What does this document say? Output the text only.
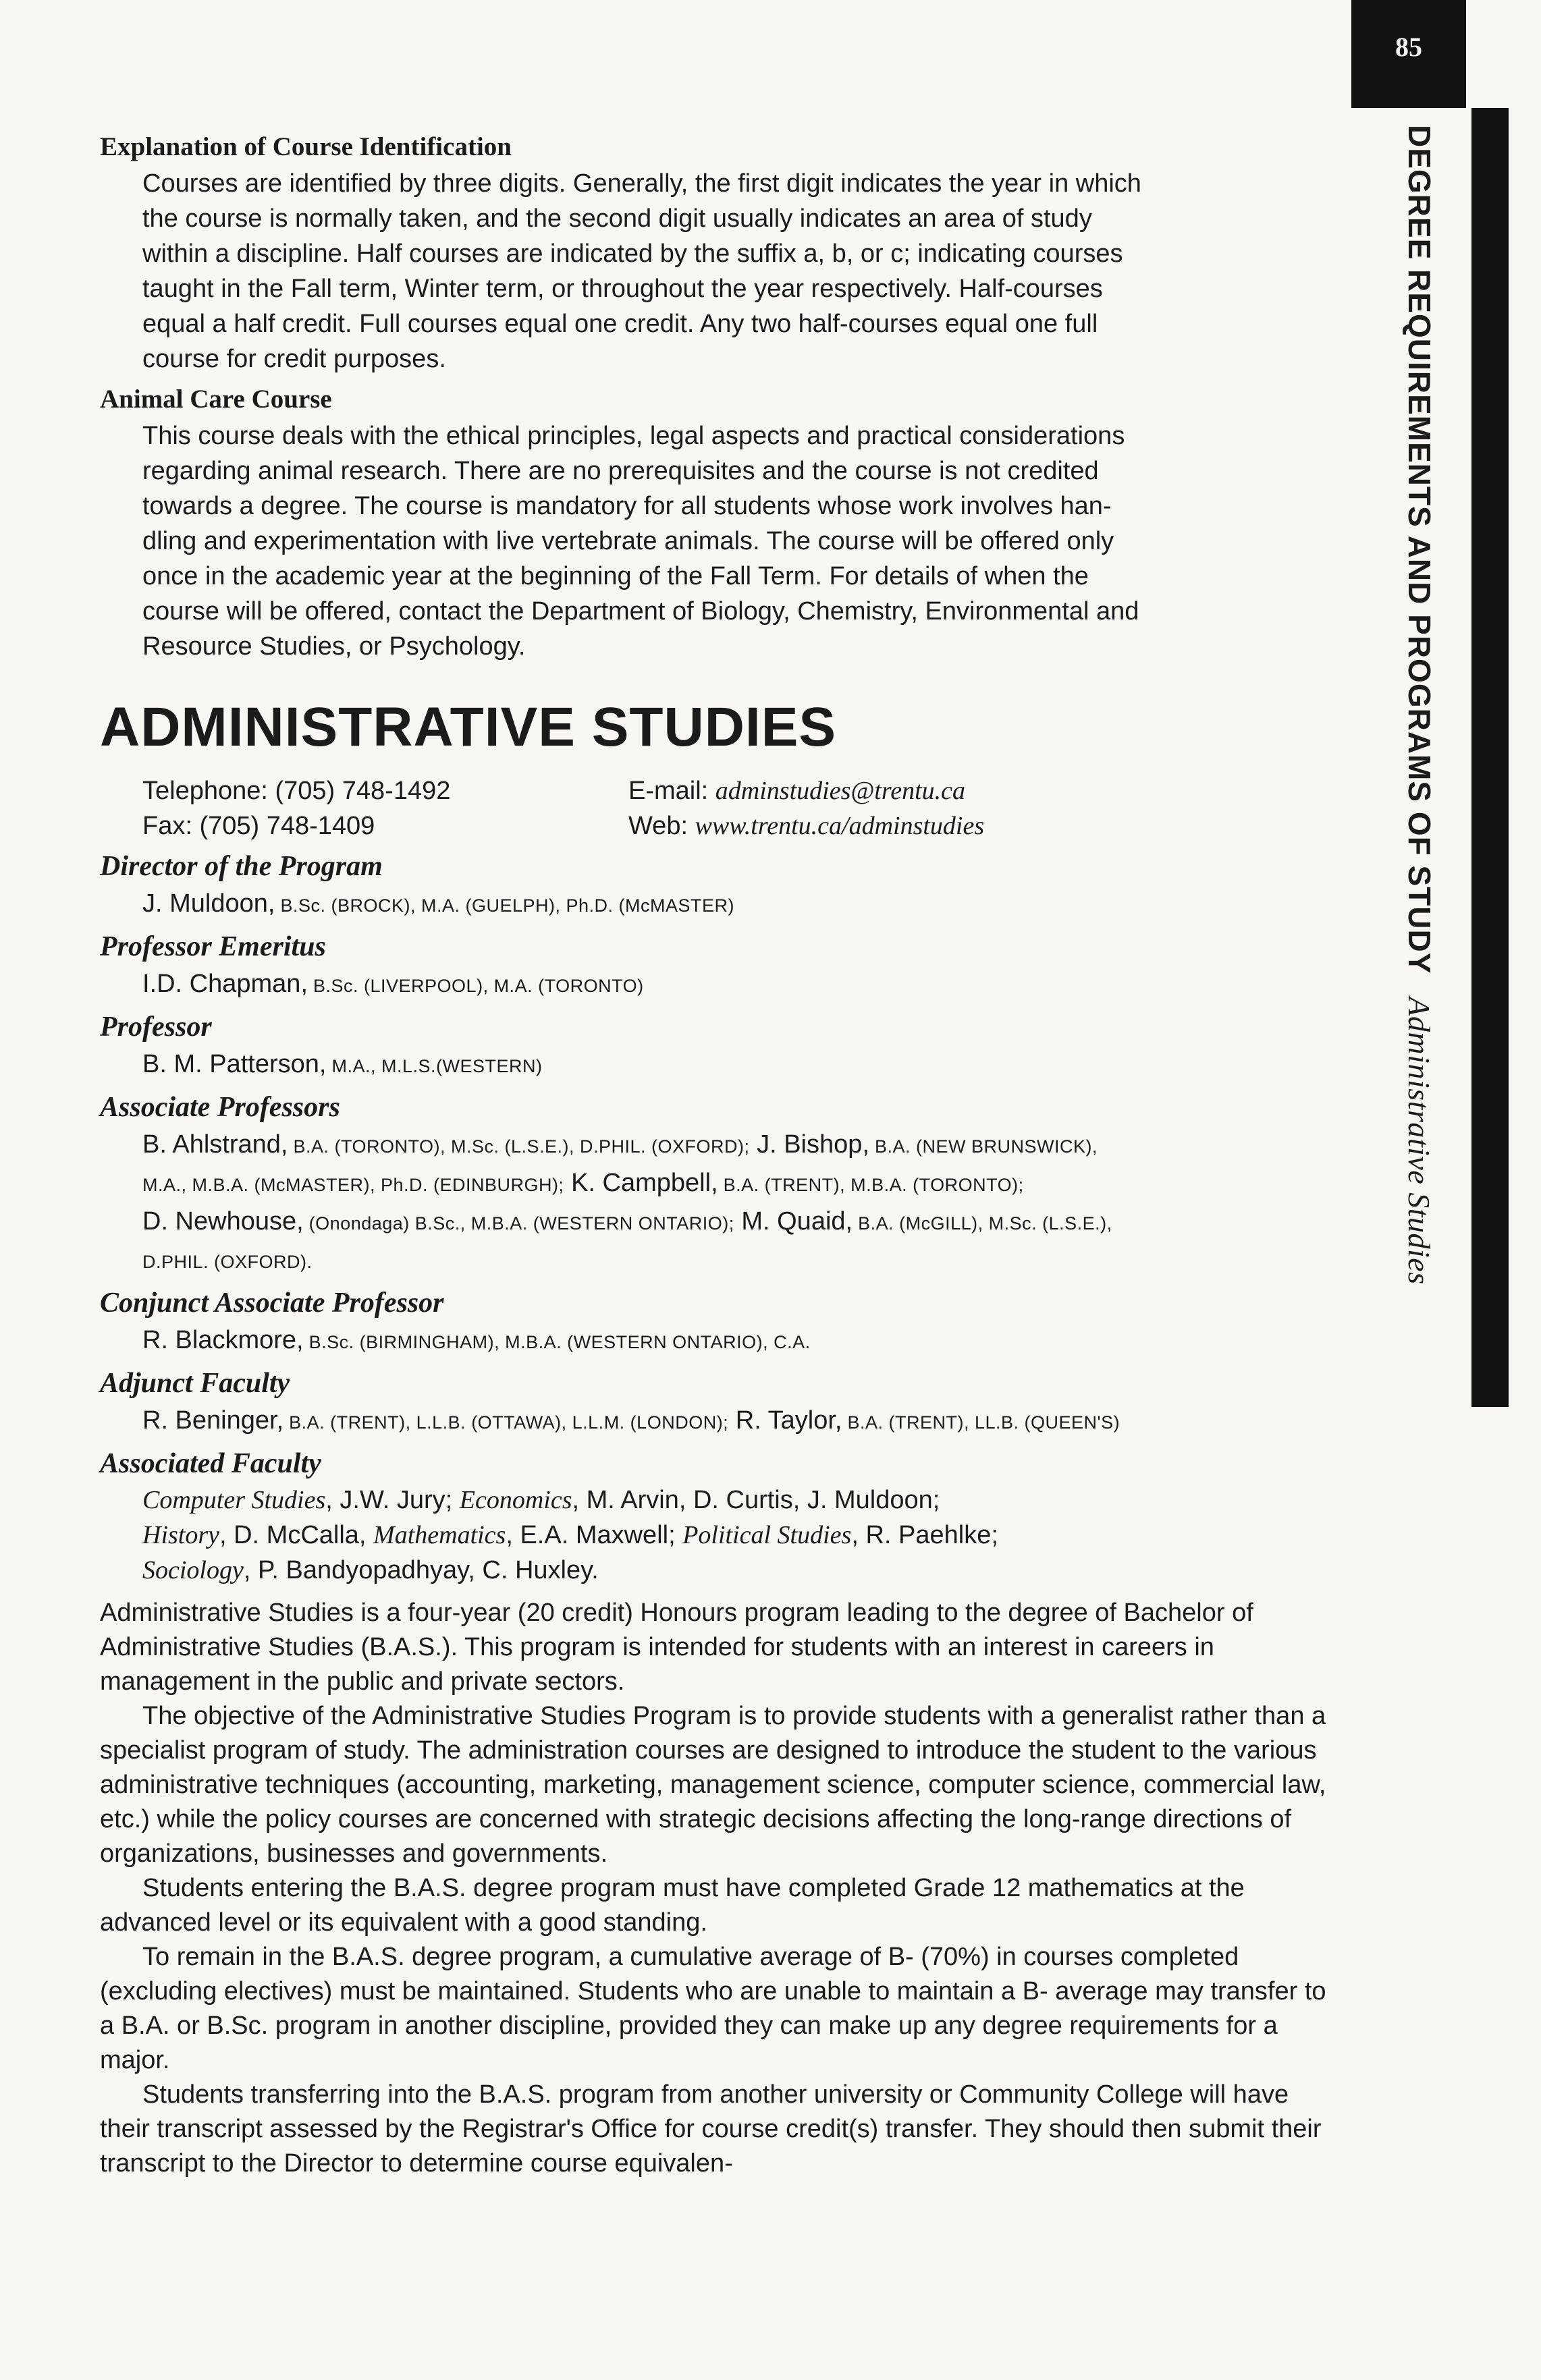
85
DEGREE REQUIREMENTS AND PROGRAMS OF STUDYAdministrative Studies
Explanation of Course Identification
Courses are identified by three digits. Generally, the first digit indicates the year in which
the course is normally taken, and the second digit usually indicates an area of study
within a discipline. Half courses are indicated by the suffix a, b, or c; indicating courses
taught in the Fall term, Winter term, or throughout the year respectively. Half-courses
equal a half credit. Full courses equal one credit. Any two half-courses equal one full
course for credit purposes.
Animal Care Course
This course deals with the ethical principles, legal aspects and practical considerations
regarding animal research. There are no prerequisites and the course is not credited
towards a degree. The course is mandatory for all students whose work involves han-
dling and experimentation with live vertebrate animals. The course will be offered only
once in the academic year at the beginning of the Fall Term. For details of when the
course will be offered, contact the Department of Biology, Chemistry, Environmental and
Resource Studies, or Psychology.
ADMINISTRATIVE STUDIES
Telephone: (705) 748-1492	E-mail: adminstudies@trentu.ca
Fax: (705) 748-1409	Web: www.trentu.ca/adminstudies
Director of the Program
J. Muldoon, B.Sc. (BROCK), M.A. (GUELPH), Ph.D. (McMASTER)
Professor Emeritus
I.D. Chapman, B.Sc. (LIVERPOOL), M.A. (TORONTO)
Professor
B. M. Patterson, M.A., M.L.S.(WESTERN)
Associate Professors
B. Ahlstrand, B.A. (TORONTO), M.Sc. (L.S.E.), D.PHIL. (OXFORD); J. Bishop, B.A. (NEW BRUNSWICK),
M.A., M.B.A. (McMASTER), Ph.D. (EDINBURGH); K. Campbell, B.A. (TRENT), M.B.A. (TORONTO);
D. Newhouse, (Onondaga) B.Sc., M.B.A. (WESTERN ONTARIO); M. Quaid, B.A. (McGILL), M.Sc. (L.S.E.),
D.PHIL. (OXFORD).
Conjunct Associate Professor
R. Blackmore, B.Sc. (BIRMINGHAM), M.B.A. (WESTERN ONTARIO), C.A.
Adjunct Faculty
R. Beninger, B.A. (TRENT), L.L.B. (OTTAWA), L.L.M. (LONDON); R. Taylor, B.A. (TRENT), LL.B. (QUEEN'S)
Associated Faculty
Computer Studies, J.W. Jury; Economics, M. Arvin, D. Curtis, J. Muldoon;
History, D. McCalla, Mathematics, E.A. Maxwell; Political Studies, R. Paehlke;
Sociology, P. Bandyopadhyay, C. Huxley.

Administrative Studies is a four-year (20 credit) Honours program leading to the degree of Bachelor of Administrative Studies (B.A.S.). This program is intended for students with an interest in careers in management in the public and private sectors.

The objective of the Administrative Studies Program is to provide students with a generalist rather than a specialist program of study. The administration courses are designed to introduce the student to the various administrative techniques (accounting, marketing, management science, computer science, commercial law, etc.) while the policy courses are concerned with strategic decisions affecting the long-range directions of organizations, businesses and governments.

Students entering the B.A.S. degree program must have completed Grade 12 mathematics at the advanced level or its equivalent with a good standing.

To remain in the B.A.S. degree program, a cumulative average of B- (70%) in courses completed (excluding electives) must be maintained. Students who are unable to maintain a B- average may transfer to a B.A. or B.Sc. program in another discipline, provided they can make up any degree requirements for a major.

Students transferring into the B.A.S. program from another university or Community College will have their transcript assessed by the Registrar's Office for course credit(s) transfer. They should then submit their transcript to the Director to determine course equivalen-
